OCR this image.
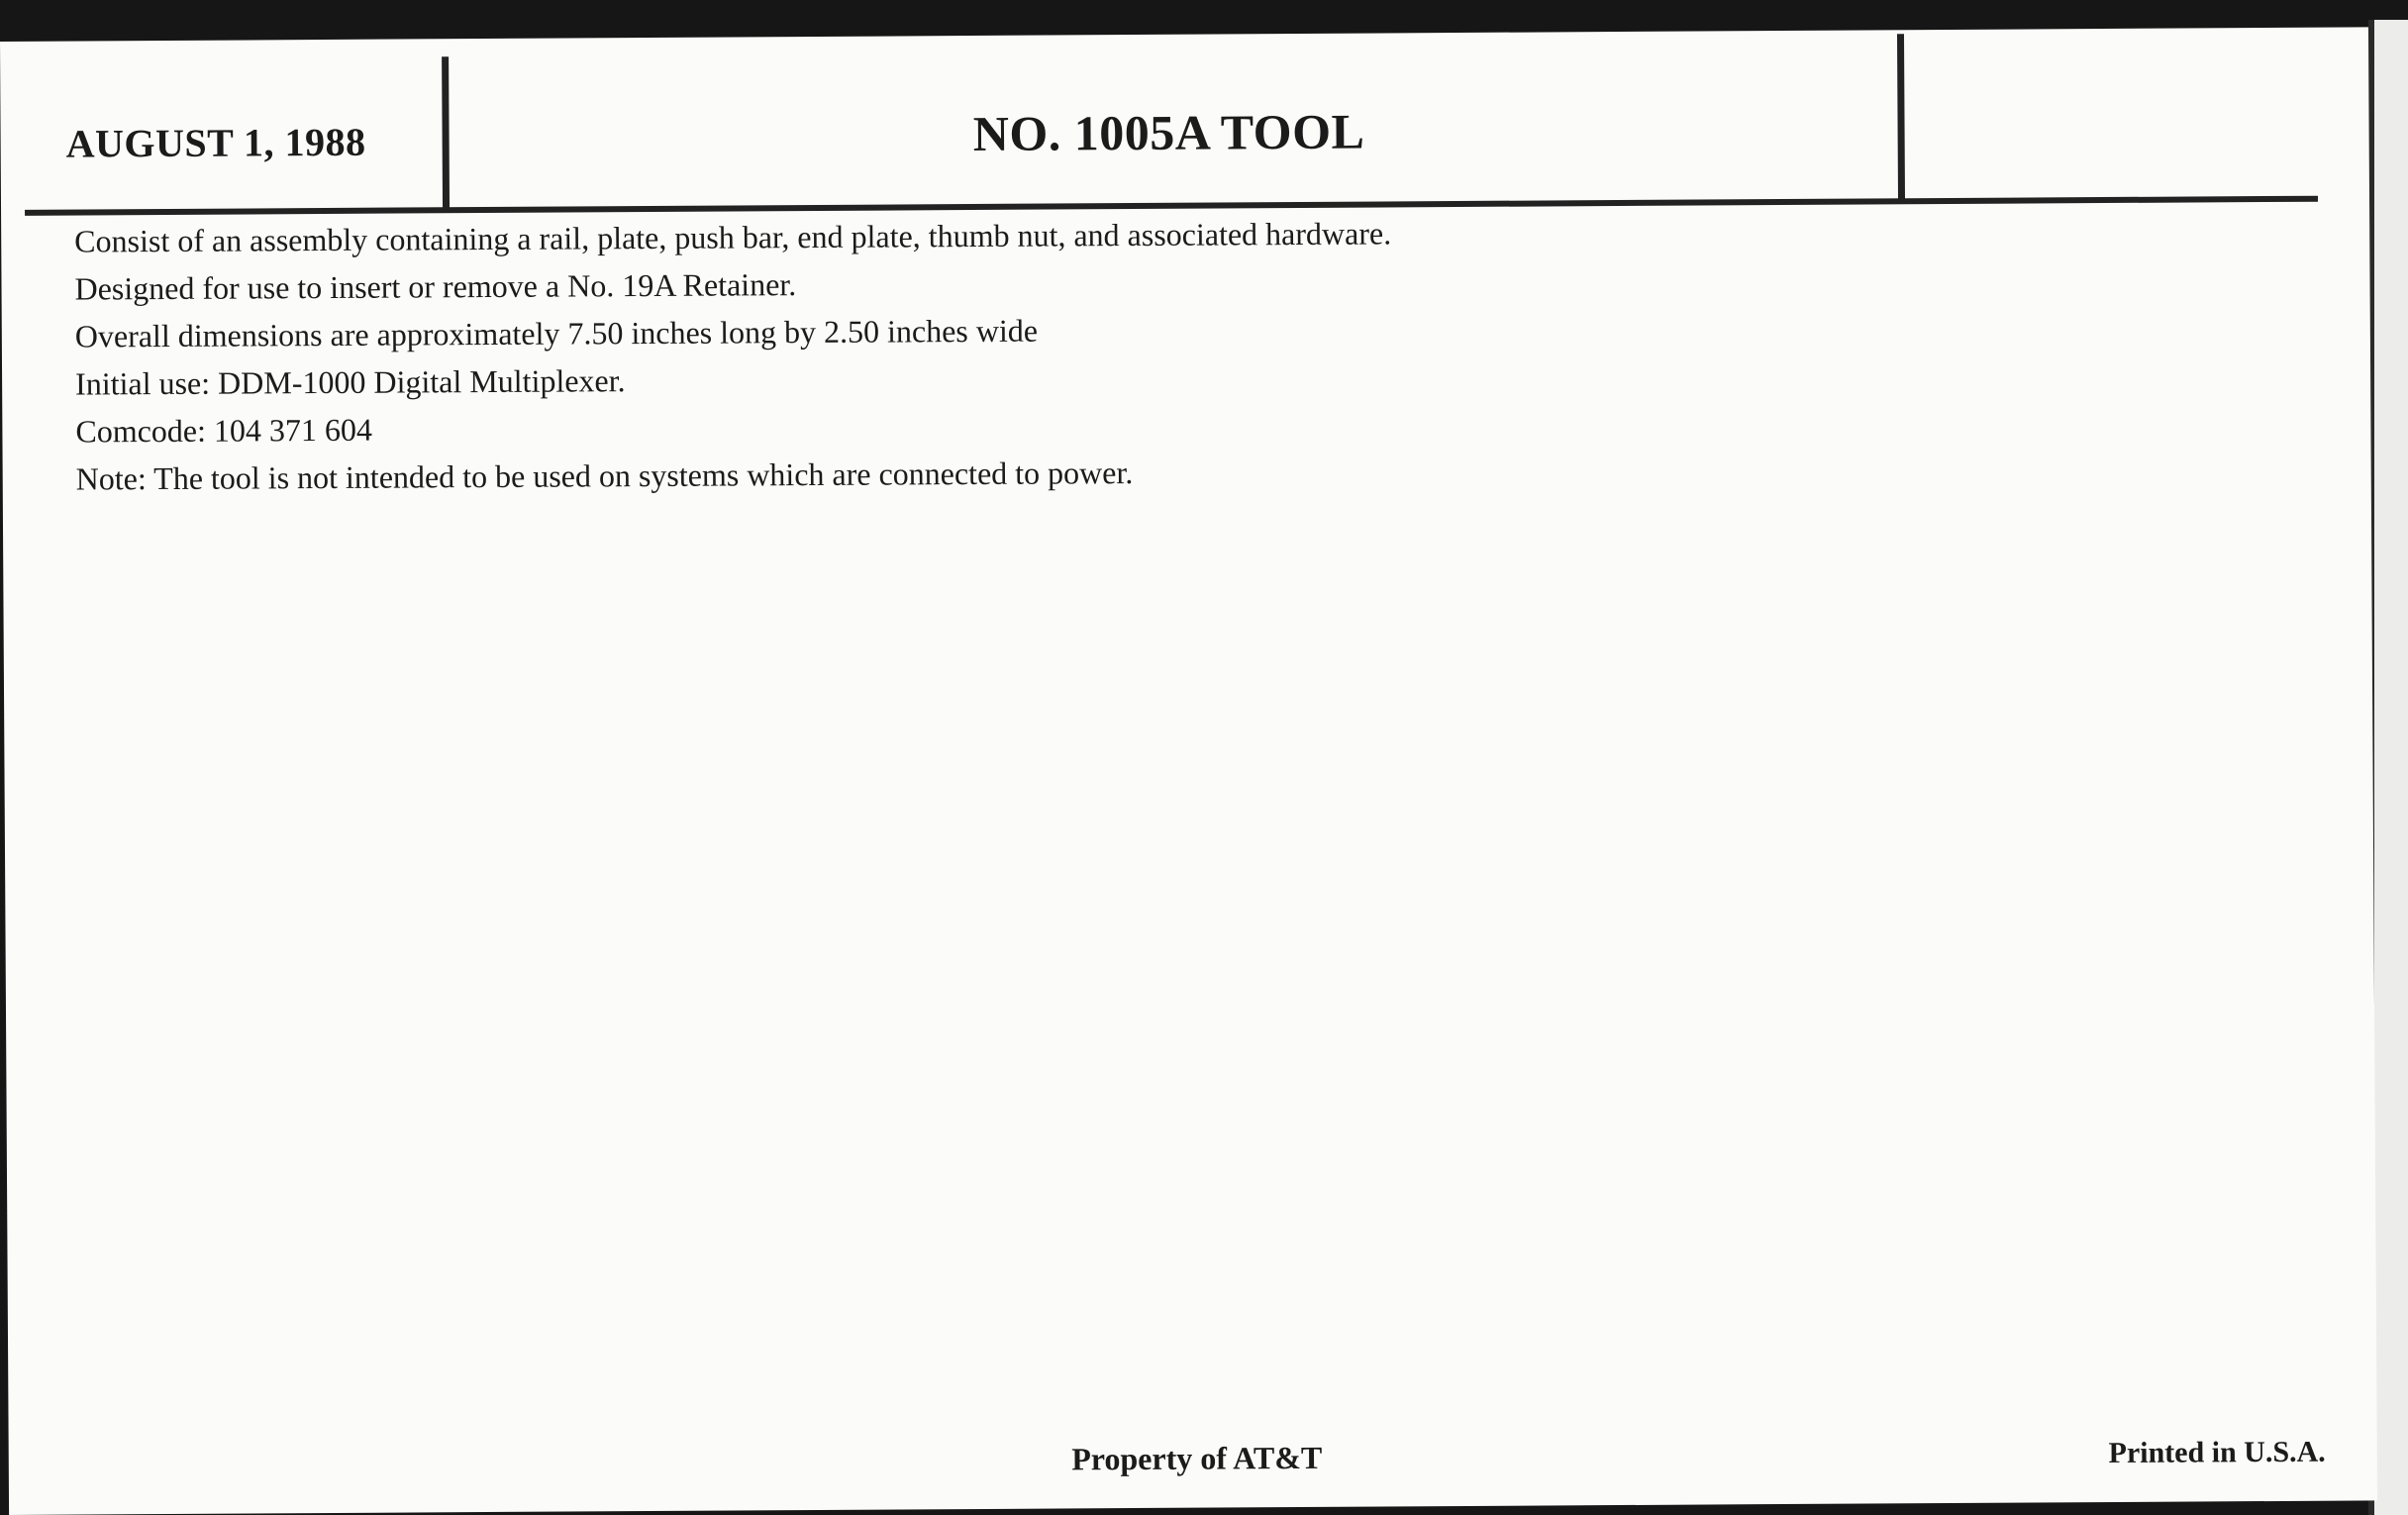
AUGUST 1, 1988	NO. 1005A TOOL
Consist of an assembly containing a rail, plate, push bar, end plate, thumb nut, and associated hardware.
Designed for use to insert or remove a No. 19A Retainer.
Overall dimensions are approximately 7.50 inches long by 2.50 inches wide
Initial use: DDM-1000 Digital Multiplexer.
Comcode: 104 371 604
Note: The tool is not intended to be used on systems which are connected to power.
Property of AT&T	Printed in U.S.A.
